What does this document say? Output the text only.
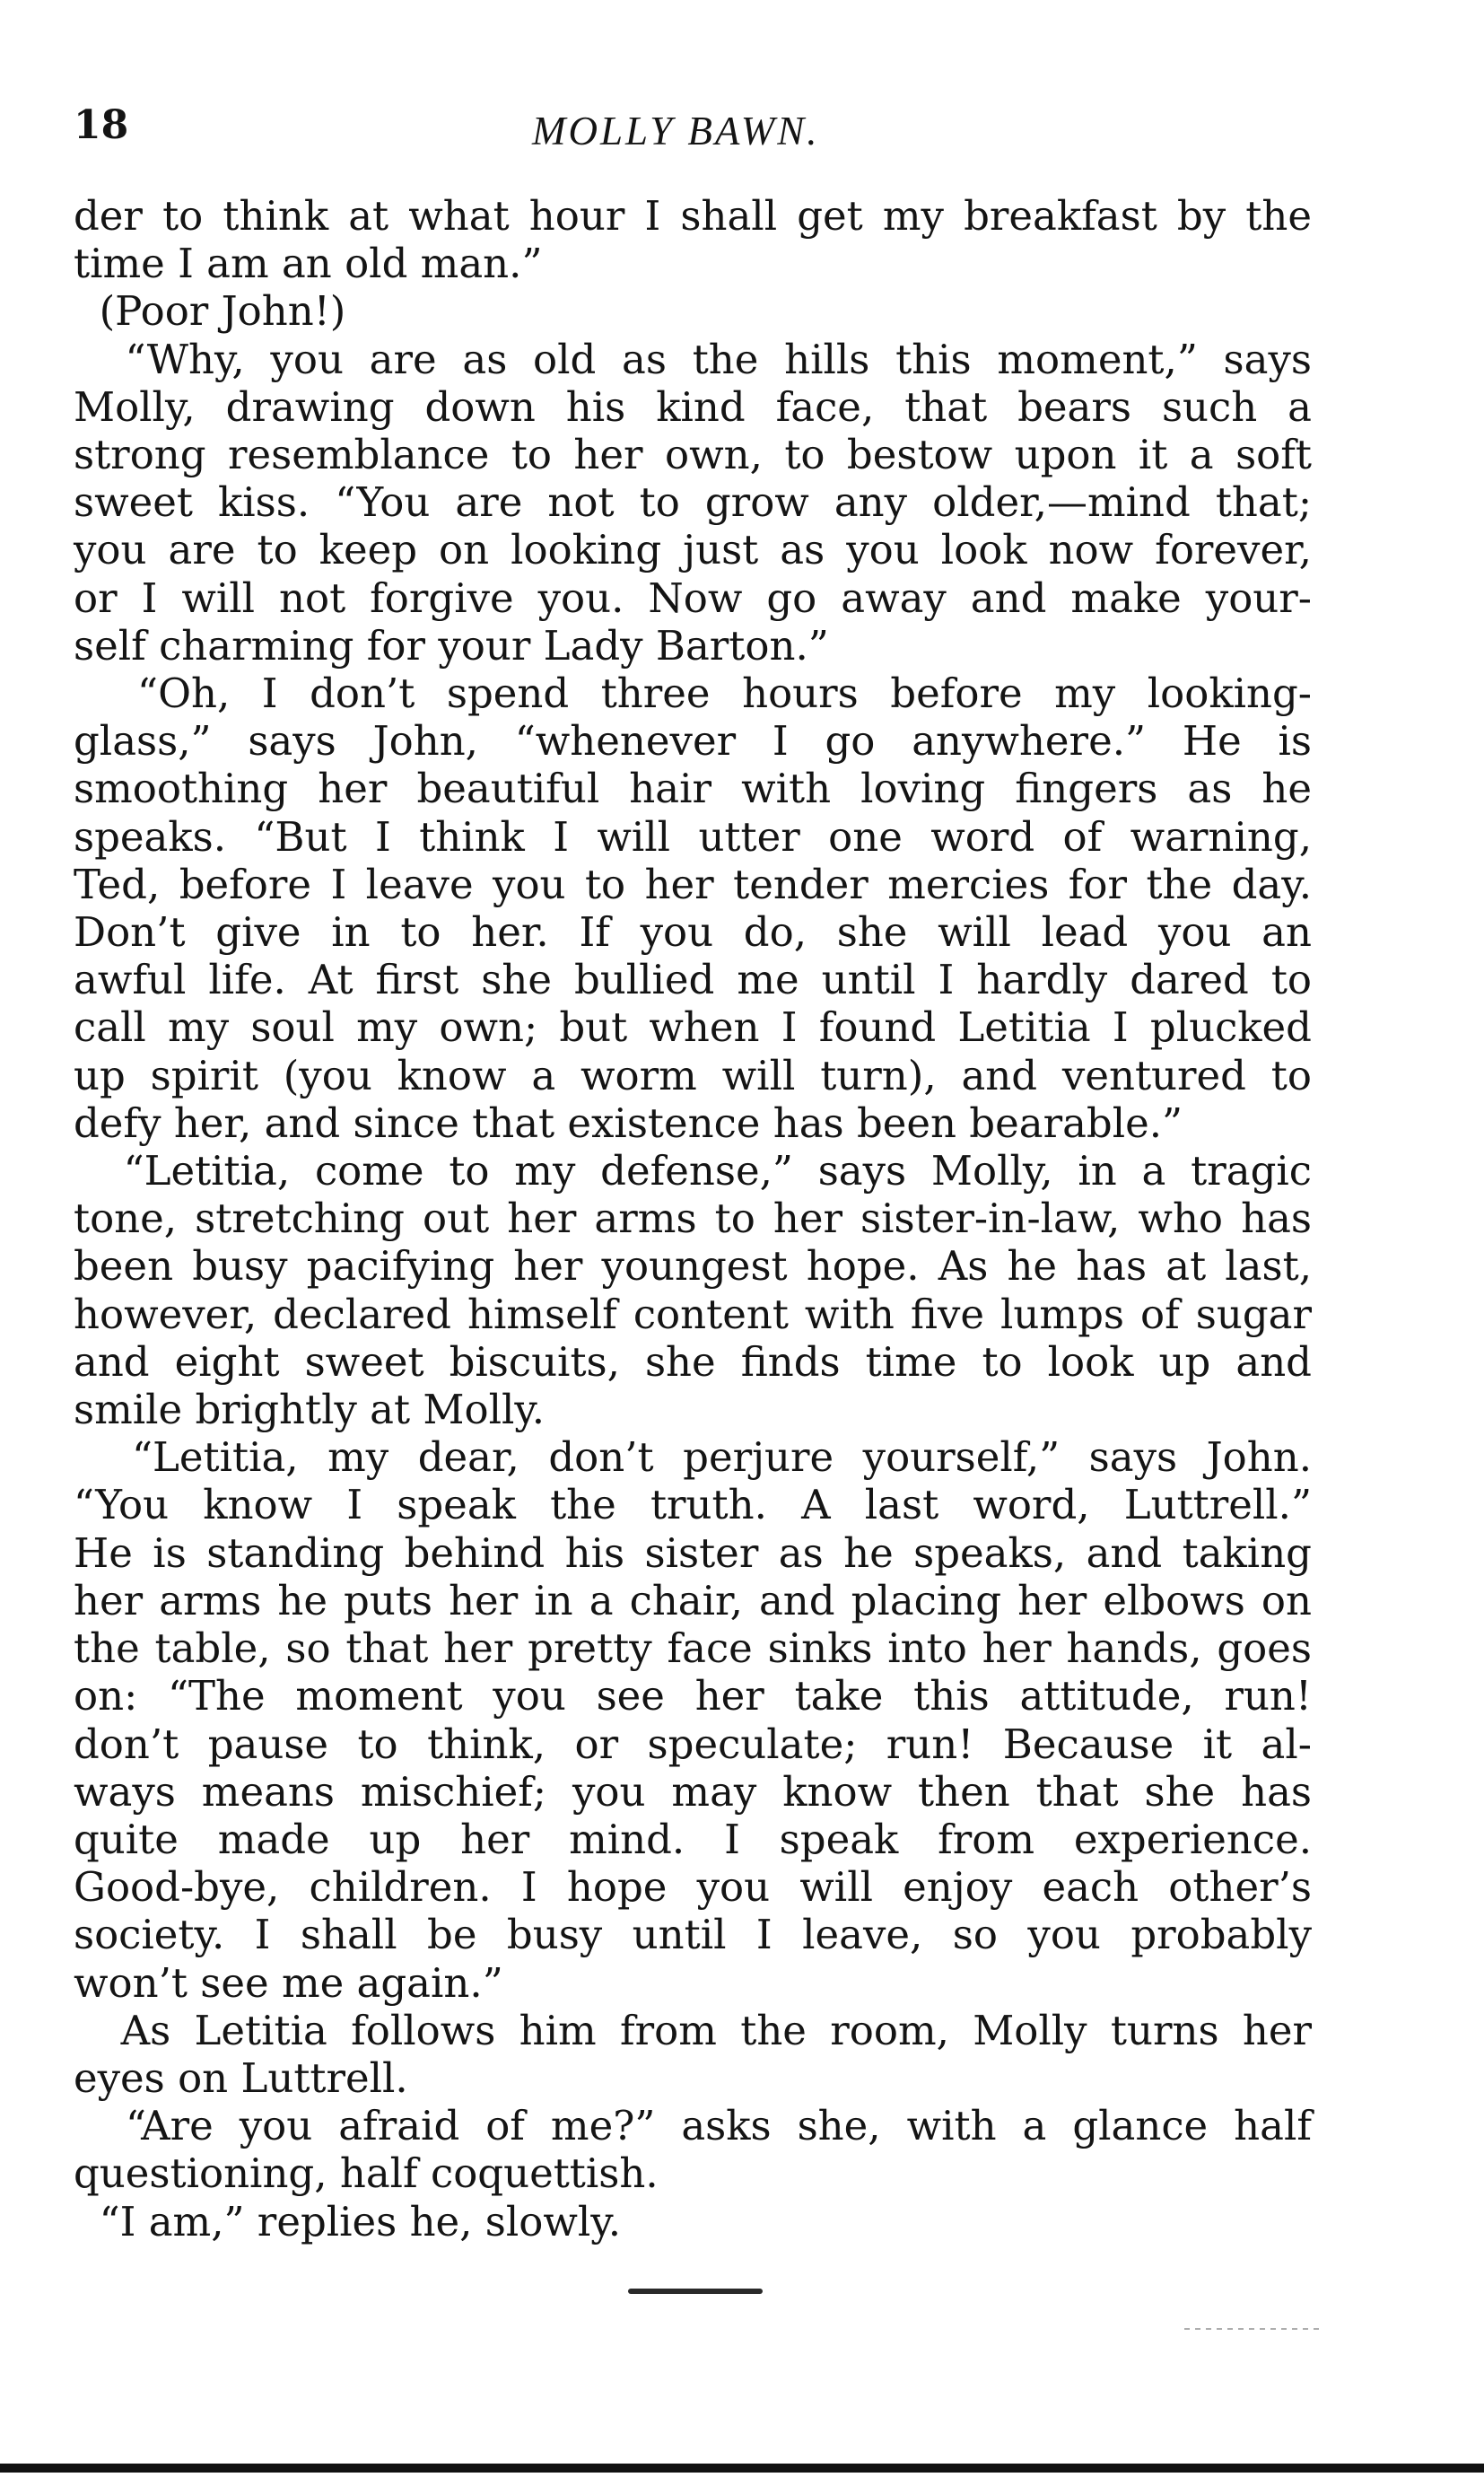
18	MOLLY BAWN.
der to think at what hour I shall get my breakfast by the
time I am an old man.”
(Poor John!)
“Why, you are as old as the hills this moment,” says
Molly, drawing down his kind face, that bears such a
strong resemblance to her own, to bestow upon it a soft
sweet kiss. “You are not to grow any older,—mind that;
you are to keep on looking just as you look now forever,
or I will not forgive you. Now go away and make your-
self charming for your Lady Barton.”
“Oh, I don’t spend three hours before my looking-
glass,” says John, “whenever I go anywhere.” He is
smoothing her beautiful hair with loving fingers as he
speaks. “But I think I will utter one word of warning,
Ted, before I leave you to her tender mercies for the day.
Don’t give in to her. If you do, she will lead you an
awful life. At first she bullied me until I hardly dared to
call my soul my own; but when I found Letitia I plucked
up spirit (you know a worm will turn), and ventured to
defy her, and since that existence has been bearable.”
“Letitia, come to my defense,” says Molly, in a tragic
tone, stretching out her arms to her sister-in-law, who has
been busy pacifying her youngest hope. As he has at last,
however, declared himself content with five lumps of sugar
and eight sweet biscuits, she finds time to look up and
smile brightly at Molly.
“Letitia, my dear, don’t perjure yourself,” says John.
“You know I speak the truth. A last word, Luttrell.”
He is standing behind his sister as he speaks, and taking
her arms he puts her in a chair, and placing her elbows on
the table, so that her pretty face sinks into her hands, goes
on: “The moment you see her take this attitude, run!
don’t pause to think, or speculate; run! Because it al-
ways means mischief; you may know then that she has
quite made up her mind. I speak from experience.
Good-bye, children. I hope you will enjoy each other’s
society. I shall be busy until I leave, so you probably
won’t see me again.”
As Letitia follows him from the room, Molly turns her
eyes on Luttrell.
“Are you afraid of me?” asks she, with a glance half
questioning, half coquettish.
“I am,” replies he, slowly.
